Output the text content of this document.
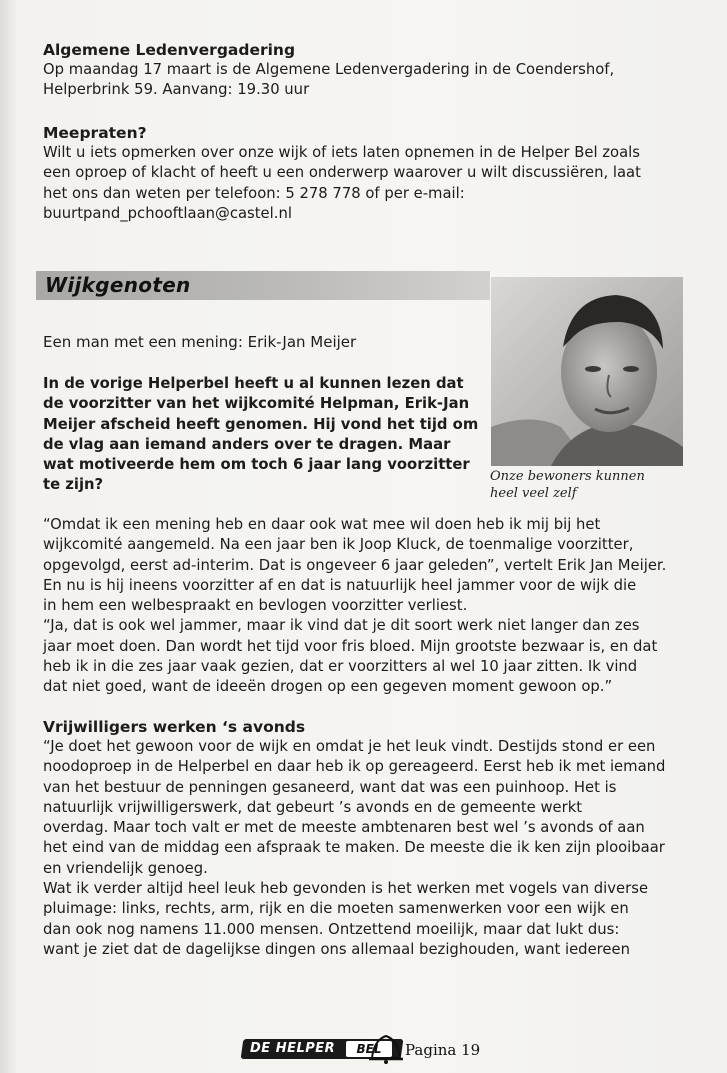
Algemene Ledenvergadering

Op maandag 17 maart is de Algemene Ledenvergadering in de Coendershof,
Helperbrink 59. Aanvang: 19.30 uur

Meepraten?

Wilt u iets opmerken over onze wijk of iets laten opnemen in de Helper Bel zoals
een oproep of klacht of heeft u een onderwerp waarover u wilt discussiëren, laat
het ons dan weten per telefoon: 5 278 778 of per e-mail:
buurtpand_pchooftlaan@castel.nl

Wijkgenoten
Een man met een mening: Erik-Jan Meijer
In de vorige Helperbel heeft u al kunnen lezen dat
de voorzitter van het wijkcomité Helpman, Erik-Jan
Meijer afscheid heeft genomen. Hij vond het tijd om
de vlag aan iemand anders over te dragen. Maar
wat motiveerde hem om toch 6 jaar lang voorzitter
te zijn?	Onze bewoners kunnen
heel veel zelf

“Omdat ik een mening heb en daar ook wat mee wil doen heb ik mij bij het
wijkcomité aangemeld. Na een jaar ben ik Joop Kluck, de toenmalige voorzitter,
opgevolgd, eerst ad-interim. Dat is ongeveer 6 jaar geleden”, vertelt Erik Jan Meijer.
En nu is hij ineens voorzitter af en dat is natuurlijk heel jammer voor de wijk die
in hem een welbespraakt en bevlogen voorzitter verliest.
“Ja, dat is ook wel jammer, maar ik vind dat je dit soort werk niet langer dan zes
jaar moet doen. Dan wordt het tijd voor fris bloed. Mijn grootste bezwaar is, en dat
heb ik in die zes jaar vaak gezien, dat er voorzitters al wel 10 jaar zitten. Ik vind
dat niet goed, want de ideeën drogen op een gegeven moment gewoon op.”

Vrijwilligers werken ‘s avonds

“Je doet het gewoon voor de wijk en omdat je het leuk vindt. Destijds stond er een
noodoproep in de Helperbel en daar heb ik op gereageerd. Eerst heb ik met iemand
van het bestuur de penningen gesaneerd, want dat was een puinhoop. Het is
natuurlijk vrijwilligerswerk, dat gebeurt ’s avonds en de gemeente werkt
overdag. Maar toch valt er met de meeste ambtenaren best wel ’s avonds of aan
het eind van de middag een afspraak te maken. De meeste die ik ken zijn plooibaar
en vriendelijk genoeg.
Wat ik verder altijd heel leuk heb gevonden is het werken met vogels van diverse
pluimage: links, rechts, arm, rijk en die moeten samenwerken voor een wijk en
dan ook nog namens 11.000 mensen. Ontzettend moeilijk, maar dat lukt dus:
want je ziet dat de dagelijkse dingen ons allemaal bezighouden, want iedereen

DE HELPER	BEL	Pagina 19
